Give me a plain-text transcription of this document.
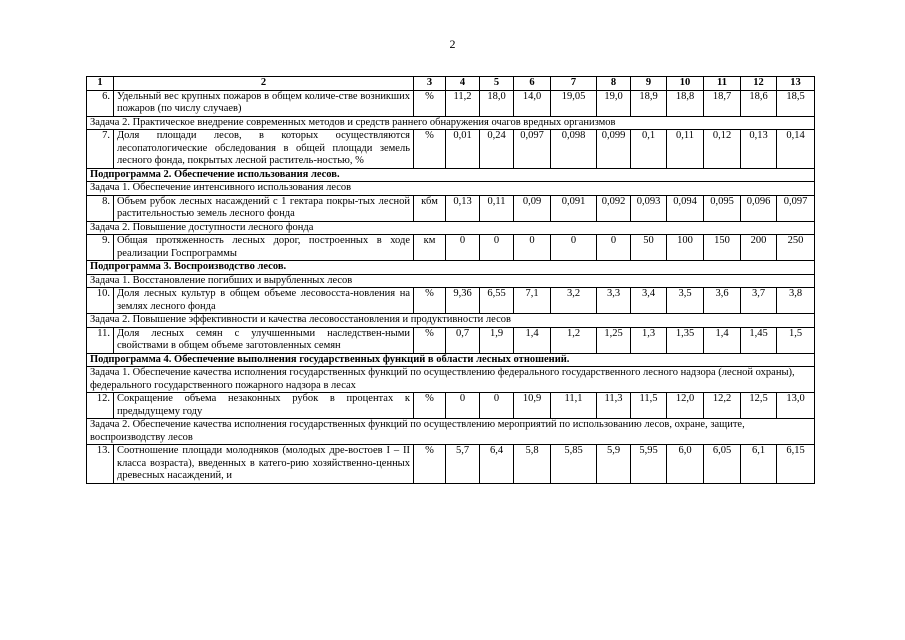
2
1	2	3	4	5	6	7	8	9	10	11	12	13
6.	Удельный вес крупных пожаров в общем количе-стве возникших пожаров (по числу случаев)	%	11,2	18,0	14,0	19,05	19,0	18,9	18,8	18,7	18,6	18,5
Задача 2. Практическое внедрение современных методов и средств раннего обнаружения очагов вредных организмов												
7.	Доля площади лесов, в которых осуществляются лесопатологические обследования в общей площади земель лесного фонда, покрытых лесной раститель-ностью, %	%	0,01	0,24	0,097	0,098	0,099	0,1	0,11	0,12	0,13	0,14
Подпрограмма 2. Обеспечение использования лесов.												
Задача 1. Обеспечение интенсивного использования лесов												
8.	Объем рубок лесных насаждений с 1 гектара покры-тых лесной растительностью земель лесного фонда	кбм	0,13	0,11	0,09	0,091	0,092	0,093	0,094	0,095	0,096	0,097
Задача 2. Повышение доступности лесного фонда												
9.	Общая протяженность лесных дорог, построенных в ходе реализации Госпрограммы	км	0	0	0	0	0	50	100	150	200	250
Подпрограмма 3. Воспроизводство лесов.												
Задача 1. Восстановление погибших и вырубленных лесов												
10.	Доля лесных культур в общем объеме лесовосста-новления на землях лесного фонда	%	9,36	6,55	7,1	3,2	3,3	3,4	3,5	3,6	3,7	3,8
Задача 2. Повышение эффективности и качества лесовосстановления и продуктивности лесов												
11.	Доля лесных семян с улучшенными наследствен-ными свойствами в общем объеме заготовленных семян	%	0,7	1,9	1,4	1,2	1,25	1,3	1,35	1,4	1,45	1,5
Подпрограмма 4. Обеспечение выполнения государственных функций в области лесных отношений.												
Задача 1. Обеспечение качества исполнения государственных функций по осуществлению федерального государственного лесного надзора (лесной охраны), федерального государственного пожарного надзора в лесах												
12.	Сокращение объема незаконных рубок в процентах к предыдущему году	%	0	0	10,9	11,1	11,3	11,5	12,0	12,2	12,5	13,0
Задача 2. Обеспечение качества исполнения государственных функций по осуществлению мероприятий по использованию лесов, охране, защите, воспроизводству лесов												
13.	Соотношение площади молодняков (молодых дре-востоев I – II класса возраста), введенных в катего-рию хозяйственно-ценных древесных насаждений, и	%	5,7	6,4	5,8	5,85	5,9	5,95	6,0	6,05	6,1	6,15
